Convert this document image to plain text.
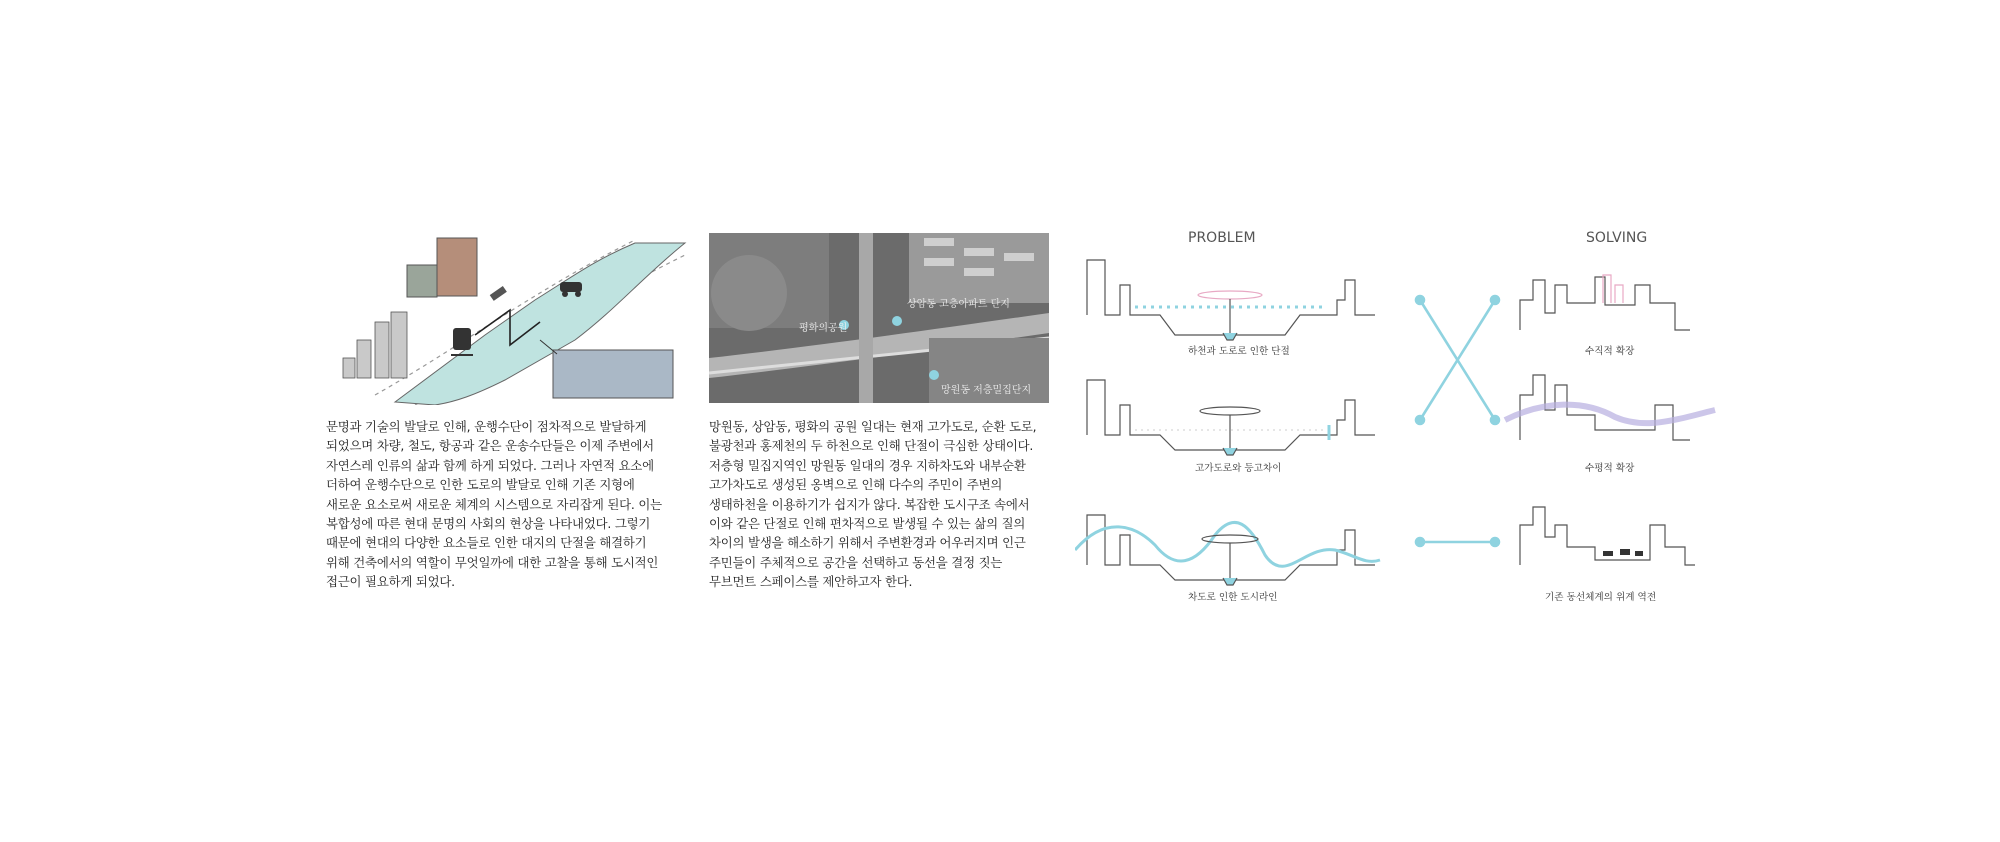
평화의공원
상암동 고층아파트 단지
망원동 저층밀집단지
문명과 기술의 발달로 인해, 운행수단이 점차적으로 발달하게
되었으며 차량, 철도, 항공과 같은 운송수단들은 이제 주변에서
자연스레 인류의 삶과 함께 하게 되었다. 그러나 자연적 요소에
더하여 운행수단으로 인한 도로의 발달로 인해 기존 지형에
새로운 요소로써 새로운 체계의 시스템으로 자리잡게 된다. 이는
복합성에 따른 현대 문명의 사회의 현상을 나타내었다. 그렇기
때문에 현대의 다양한 요소들로 인한 대지의 단절을 해결하기
위해 건축에서의 역할이 무엇일까에 대한 고찰을 통해 도시적인
접근이 필요하게 되었다.
망원동, 상암동, 평화의 공원 일대는 현재 고가도로, 순환 도로,
불광천과 홍제천의 두 하천으로 인해 단절이 극심한 상태이다.
저층형 밀집지역인 망원동 일대의 경우 지하차도와 내부순환
고가차도로 생성된 옹벽으로 인해 다수의 주민이 주변의
생태하천을 이용하기가 쉽지가 않다. 복잡한 도시구조 속에서
이와 같은 단절로 인해 편차적으로 발생될 수 있는 삶의 질의
차이의 발생을 해소하기 위해서 주변환경과 어우러지며 인근
주민들이 주체적으로 공간을 선택하고 동선을 결정 짓는
무브먼트 스페이스를 제안하고자 한다.
PROBLEM	SOLVING
하천과 도로로 인한 단절
고가도로와 등고차이
차도로 인한 도시라인
수직적 확장
수평적 확장
기존 동선체계의 위계 역전
